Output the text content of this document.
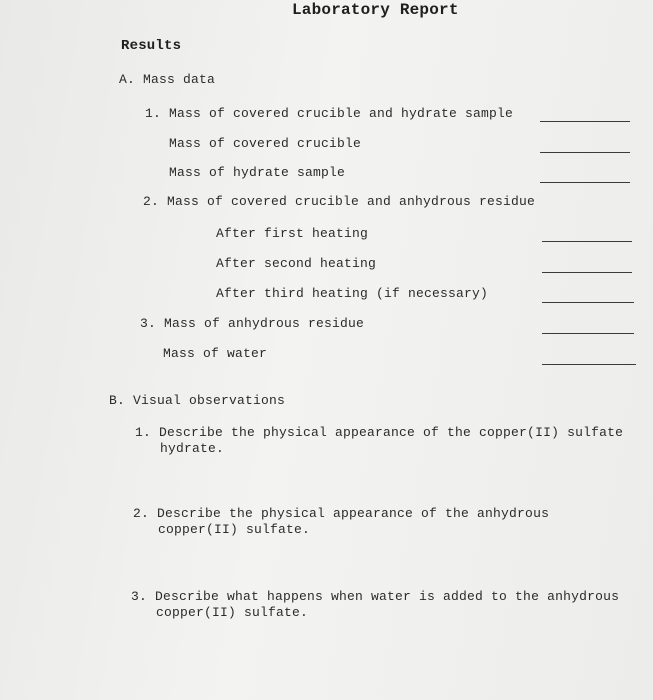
Laboratory Report
Results
A. Mass data
1. Mass of covered crucible and hydrate sample
Mass of covered crucible
Mass of hydrate sample
2. Mass of covered crucible and anhydrous residue
After first heating
After second heating
After third heating (if necessary)
3. Mass of anhydrous residue
Mass of water
B. Visual observations
1. Describe the physical appearance of the copper(II) sulfate
hydrate.
2. Describe the physical appearance of the anhydrous
copper(II) sulfate.
3. Describe what happens when water is added to the anhydrous
copper(II) sulfate.
